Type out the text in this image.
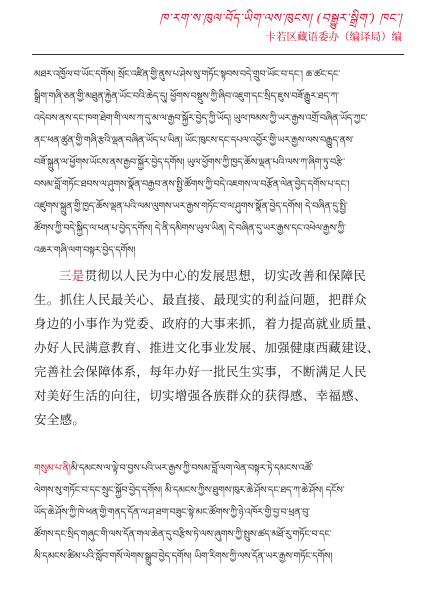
ཁ་རག་ས་ཁུལ་བོད་ཡིག་ལས་ཁུངས། (བསྒྱུར་སྒྲིག་) ཁང་།
卡若区藏语委办（编译局）编
མཐར་འཁྱོལ་བ་ཡོང་དགོས། སྲོང་འཛིན་གྱི་ནུས་པ་ཤེས་སུ་གཏོང་སྟབས་བདེ་གྲུབ་ཡོང་བ་དང་། ཆ་ཚང་དང་
སྒྲིག་གཞི་ཅན་གྱི་མཐུན་རྐྱེན་ཡོང་བའི་ཆེད་དུ། ཕྱོགས་བསྡུས་ཀྱི་ཞིབ་འཇུག་དང་སྲིད་ཇུས་བཟོ་རྒྱུར་ཐད་ཀ་
འདེབས་ནས་དང་ཁག་ཐེག་གི་ལས་ཀ་དུ་མ་ལ་རྒྱབ་སྐྱོར་བྱེད་ཀྱི་ཡོད། ཡུལ་ཁམས་ཀྱི་ཡར་རྒྱས་འགྲོ་བཞིན་ཡོད་ཀྱང་
ནང་ཕན་ཚུན་གྱི་གཞི་རྩའི་ལྡན་བཞིན་ཡོད་པ་ཡིན། ཡོང་ཁུངས་དང་དཔལ་འབྱོར་གྱི་ཡར་རྒྱས་ལས་བརྒྱུད་ནས་
བཟོ་སྐྲུན་ལ་ཕྱོགས་ཡོངས་ནས་རྒྱབ་སྐྱོར་བྱེད་དགོས། ཡུལ་ཕྱོགས་ཀྱི་ཁྱད་ཆོས་ལྡན་པའི་ལས་ཀ་ཞིག་ཏུ་བརྩི་
བསམ་བློ་གཏོང་ཐབས་ལ་ཤུགས་སྣོན་བརྒྱབ་ནས་སྤྱི་ཚོགས་ཀྱི་བདེ་འཇགས་ལ་བརྩོན་ལེན་བྱེད་དགོས་པ་དང་།
འཛུགས་སྐྲུན་གྱི་ཁྱད་ཆོས་ལྡན་པའི་ལམ་ལུགས་ཡར་རྒྱས་གཏོང་བ་ལ་ཤུགས་སྣོན་བྱེད་དགོས། དེ་བཞིན་དུ་སྤྱི་
ཚོགས་ཀྱི་བདེ་སྐྱིད་ལ་ཕན་པ་བྱེད་དགོས། དེ་ནི་དམིགས་ཡུལ་ཡིན། དེ་བཞིན་དུ་ཡར་རྒྱས་དང་འཕེལ་རྒྱས་ཀྱི་
འཆར་གཞི་ལག་བསྟར་བྱེད་དགོས།
三是贯彻以人民为中心的发展思想，切实改善和保障民
生。抓住人民最关心、最直接、最现实的利益问题，把群众
身边的小事作为党委、政府的大事来抓，着力提高就业质量、
办好人民满意教育、推进文化事业发展、加强健康西藏建设、
完善社会保障体系，每年办好一批民生实事，不断满足人民
对美好生活的向往，切实增强各族群众的获得感、幸福感、
安全感。
གསུམ་པ་ནི།མི་དམངས་ལ་ལྟེ་བ་བྱས་པའི་ཡར་རྒྱས་ཀྱི་བསམ་བློ་ལག་ལེན་བསྟར་ཏེ་དམངས་འཚོ་
ལེགས་སུ་གཏོང་བ་དང་སྲུང་སྐྱོབ་བྱེད་དགོས། མི་དམངས་ཀྱིས་ཐུགས་ཁུར་ཆེ་ཤོས་དང་ཐད་ཀ་ཆེ་ཤོས། དངོས་
ཡོད་ཆེ་ཤོས་ཀྱི་ཁེ་ཕན་གྱི་གནད་དོན་ལ་ཤ་ཐག་བཟུང་སྟེ་མང་ཚོགས་ཀྱི་ཉེ་འཁོར་གྱི་བྱ་བ་ཕྲན་བུ་
ཚོགས་དང་སྲིད་གཞུང་གི་ལས་དོན་གལ་ཆེན་དུ་བརྩིས་ཏེ་ལས་ཞུགས་ཀྱི་སྤུས་ཚད་མཐོ་རུ་གཏོང་བ་དང་
མི་དམངས་ཚིམ་པའི་སློབ་གསོ་ལེགས་སྒྲུབ་བྱེད་དགོས། ཡིག་རིགས་ཀྱི་ལས་དོན་ཡར་རྒྱས་གཏོང་དགོས།
